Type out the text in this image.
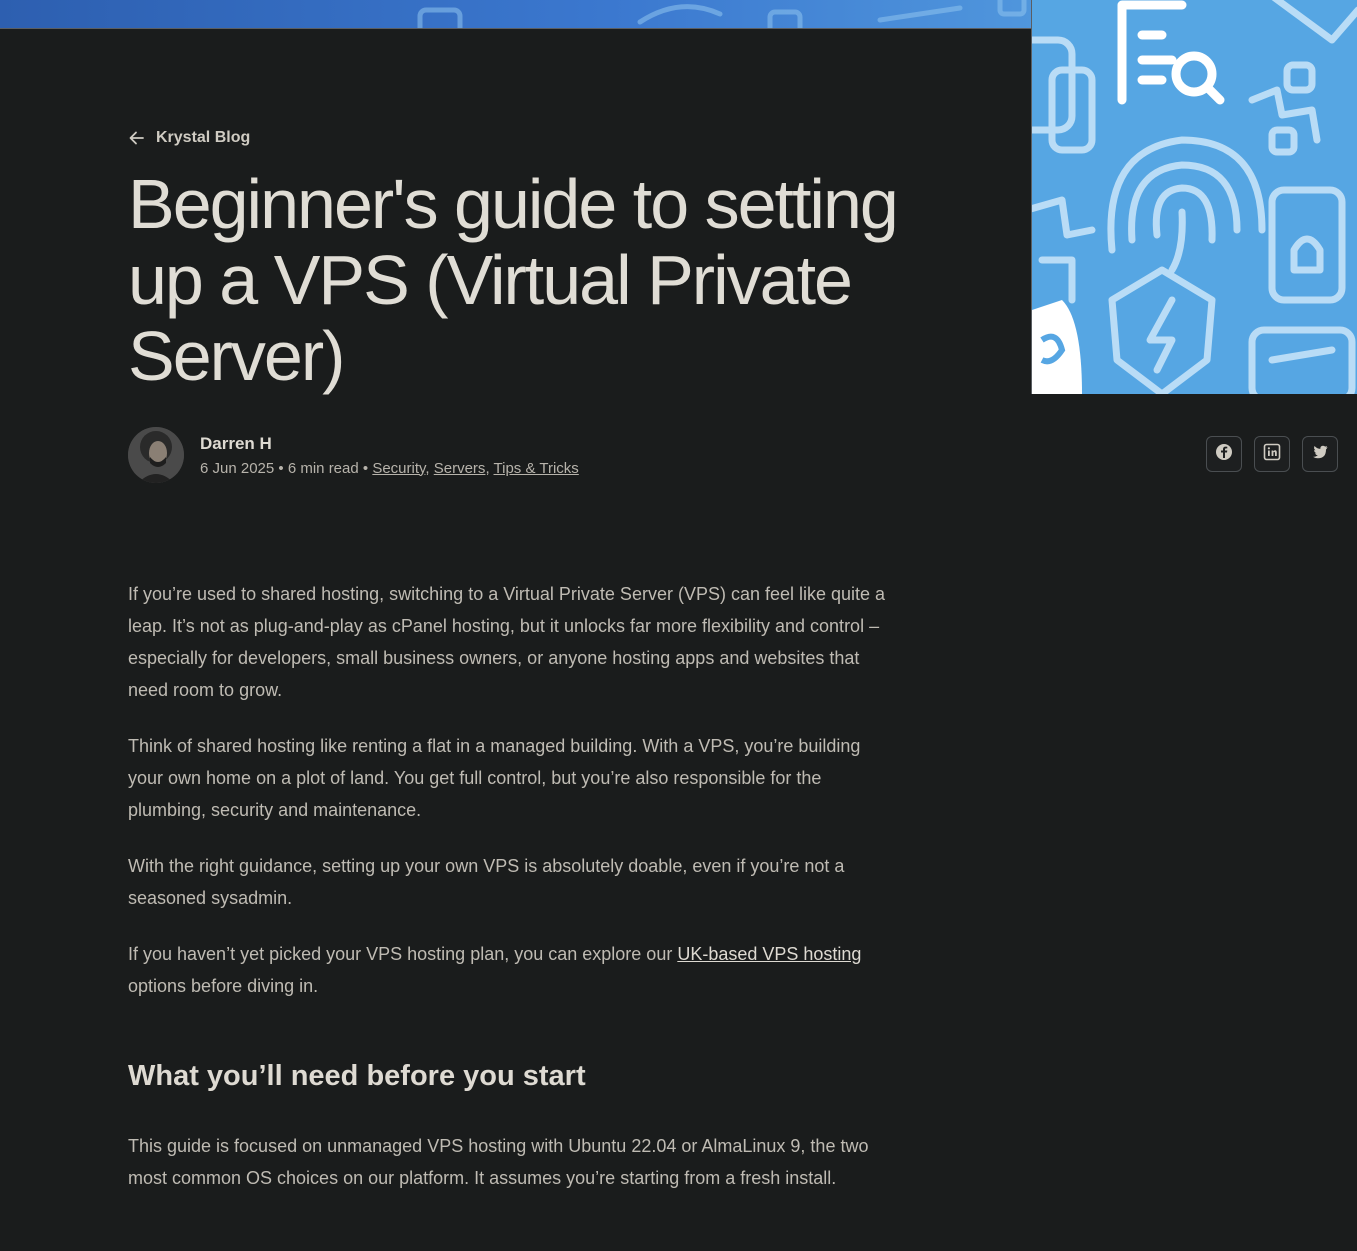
Krystal Blog
Beginner's guide to setting up a VPS (Virtual Private Server)
Darren H
6 Jun 2025 • 6 min read • Security, Servers, Tips & Tricks

If you’re used to shared hosting, switching to a Virtual Private Server (VPS) can feel like quite a leap. It’s not as plug-and-play as cPanel hosting, but it unlocks far more flexibility and control – especially for developers, small business owners, or anyone hosting apps and websites that need room to grow.

Think of shared hosting like renting a flat in a managed building. With a VPS, you’re building your own home on a plot of land. You get full control, but you’re also responsible for the plumbing, security and maintenance.

With the right guidance, setting up your own VPS is absolutely doable, even if you’re not a seasoned sysadmin.

If you haven’t yet picked your VPS hosting plan, you can explore our UK-based VPS hosting options before diving in.

What you’ll need before you start

This guide is focused on unmanaged VPS hosting with Ubuntu 22.04 or AlmaLinux 9, the two most common OS choices on our platform. It assumes you’re starting from a fresh install.
